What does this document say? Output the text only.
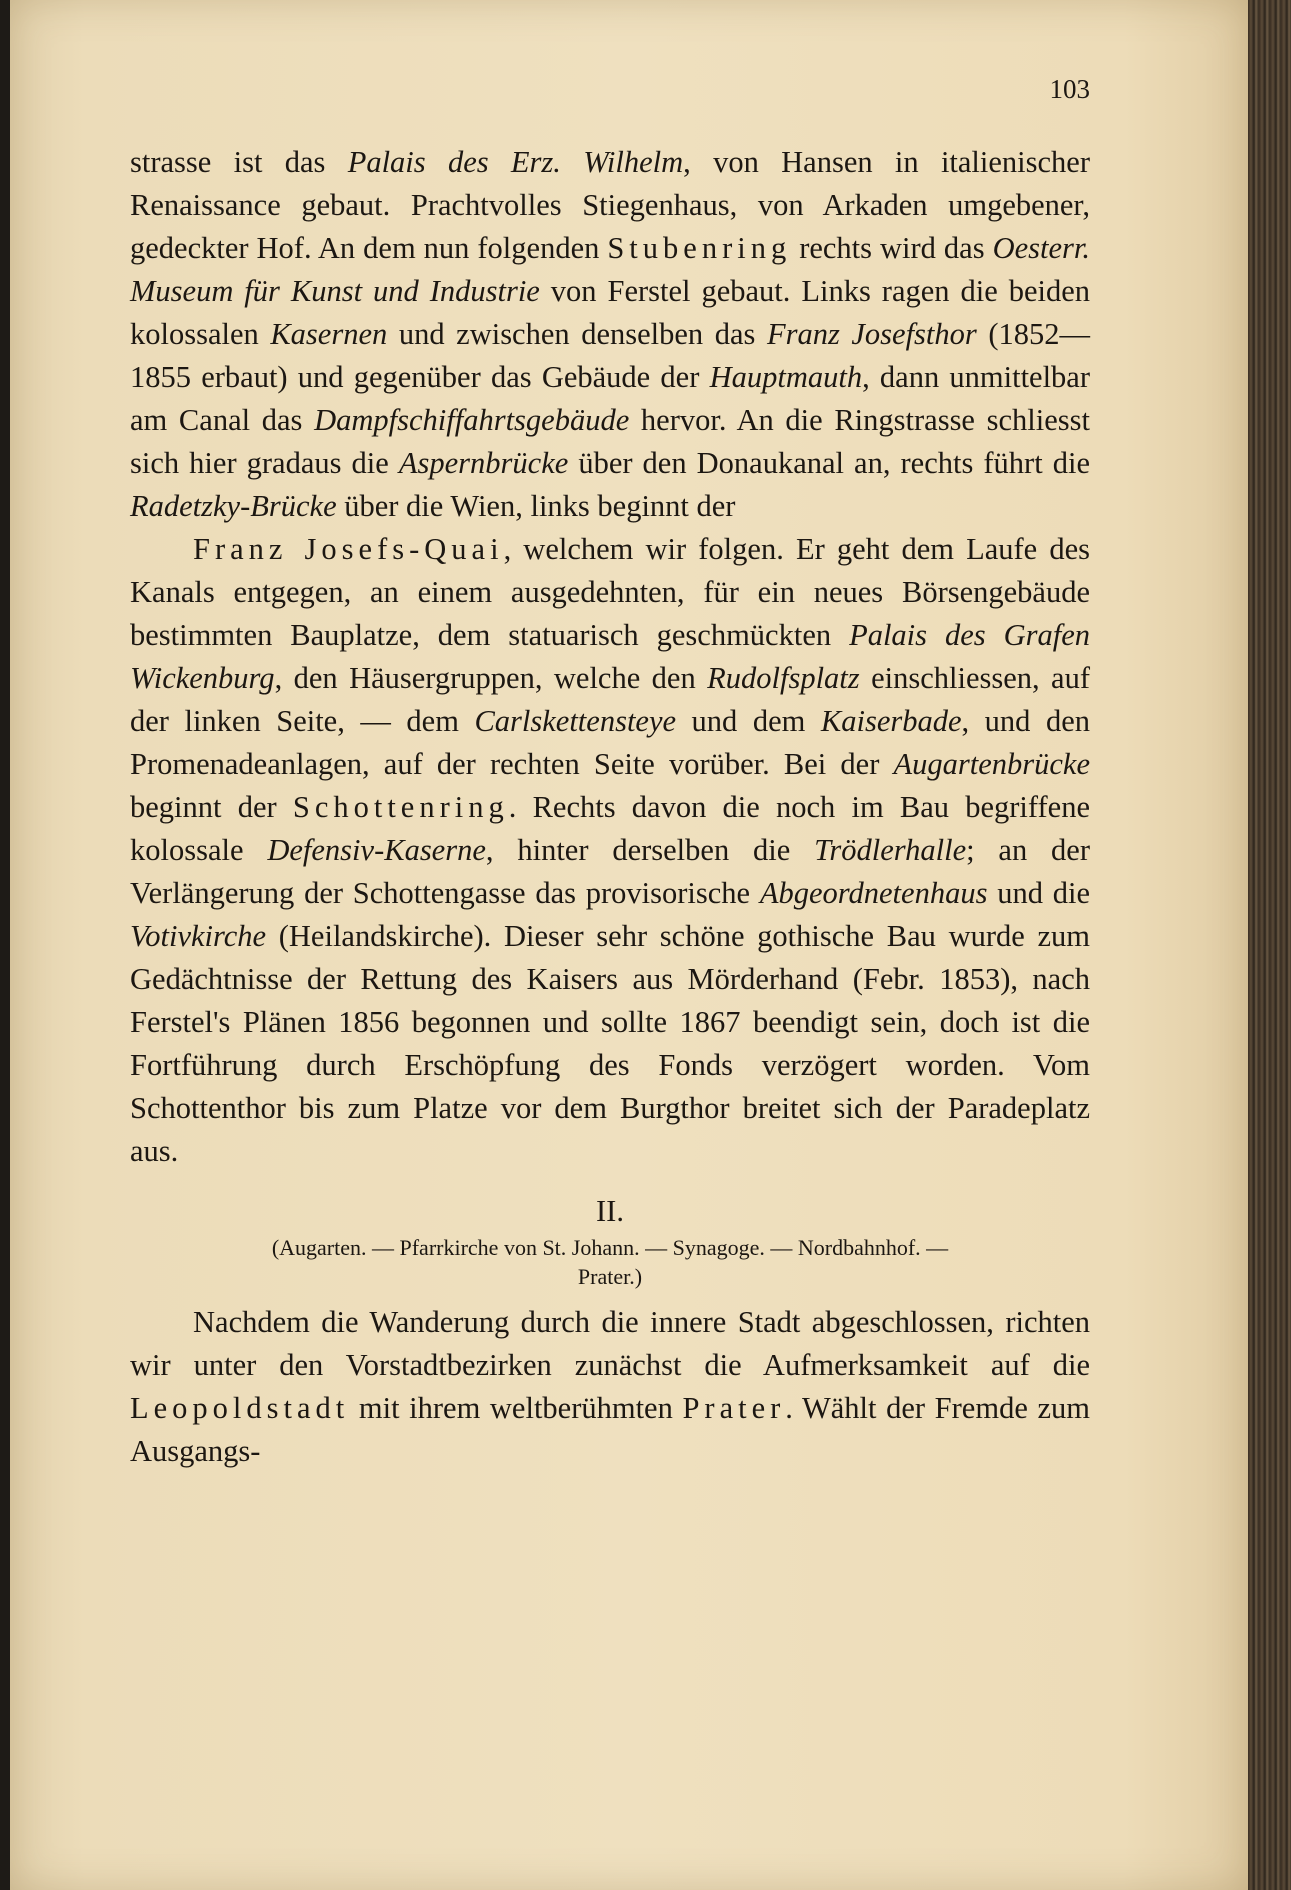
103

strasse ist das Palais des Erz. Wilhelm, von Hansen in italienischer Renaissance gebaut. Prachtvolles Stiegenhaus, von Arkaden umgebener, gedeckter Hof. An dem nun folgenden Stubenring rechts wird das Oesterr. Museum für Kunst und Industrie von Ferstel gebaut. Links ragen die beiden kolossalen Kasernen und zwischen denselben das Franz Josefsthor (1852—1855 erbaut) und gegenüber das Gebäude der Hauptmauth, dann unmittelbar am Canal das Dampfschiffahrtsgebäude hervor. An die Ringstrasse schliesst sich hier gradaus die Aspernbrücke über den Donaukanal an, rechts führt die Radetzky-Brücke über die Wien, links beginnt der

Franz Josefs-Quai, welchem wir folgen. Er geht dem Laufe des Kanals entgegen, an einem ausgedehnten, für ein neues Börsengebäude bestimmten Bauplatze, dem statuarisch geschmückten Palais des Grafen Wickenburg, den Häusergruppen, welche den Rudolfsplatz einschliessen, auf der linken Seite, — dem Carlskettensteye und dem Kaiserbade, und den Promenadeanlagen, auf der rechten Seite vorüber. Bei der Augartenbrücke beginnt der Schottenring. Rechts davon die noch im Bau begriffene kolossale Defensiv-Kaserne, hinter derselben die Trödlerhalle; an der Verlängerung der Schottengasse das provisorische Abgeordnetenhaus und die Votivkirche (Heilandskirche). Dieser sehr schöne gothische Bau wurde zum Gedächtnisse der Rettung des Kaisers aus Mörderhand (Febr. 1853), nach Ferstel's Plänen 1856 begonnen und sollte 1867 beendigt sein, doch ist die Fortführung durch Erschöpfung des Fonds verzögert worden. Vom Schottenthor bis zum Platze vor dem Burgthor breitet sich der Paradeplatz aus.

II.
(Augarten. — Pfarrkirche von St. Johann. — Synagoge. — Nordbahnhof. —
Prater.)

Nachdem die Wanderung durch die innere Stadt abgeschlossen, richten wir unter den Vorstadtbezirken zunächst die Aufmerksamkeit auf die Leopoldstadt mit ihrem weltberühmten Prater. Wählt der Fremde zum Ausgangs-
